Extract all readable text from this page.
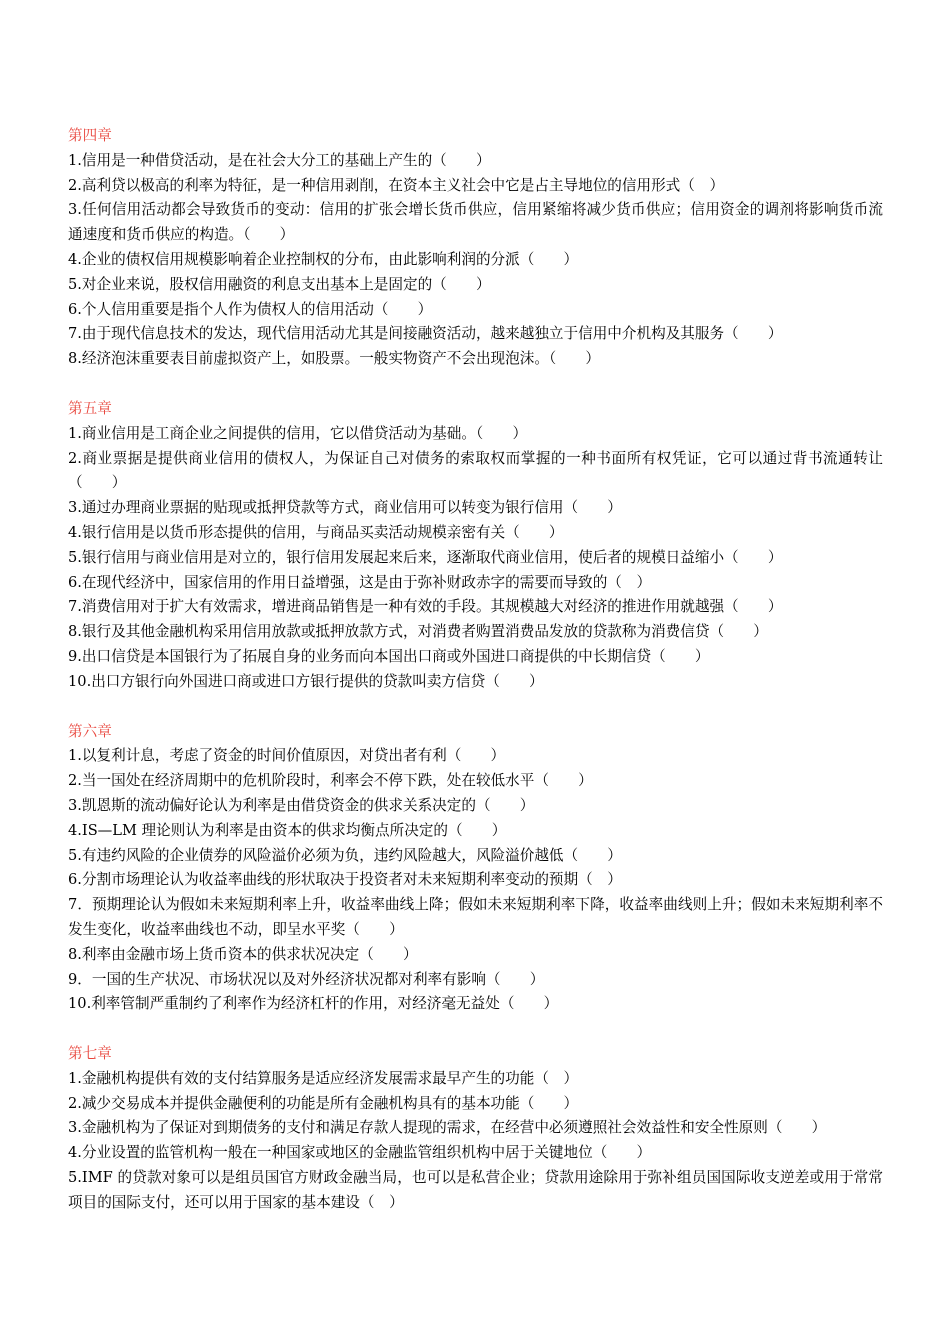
第四章

1.信用是一种借贷活动，是在社会大分工的基础上产生的（　　）

2.高利贷以极高的利率为特征，是一种信用剥削，在资本主义社会中它是占主导地位的信用形式（　）

3.任何信用活动都会导致货币的变动：信用的扩张会增长货币供应，信用紧缩将减少货币供应；信用资金的调剂将影响货币流通速度和货币供应的构造。（　　）

4.企业的债权信用规模影响着企业控制权的分布，由此影响利润的分派（　　）

5.对企业来说，股权信用融资的利息支出基本上是固定的（　　）

6.个人信用重要是指个人作为债权人的信用活动（　　）

7.由于现代信息技术的发达，现代信用活动尤其是间接融资活动，越来越独立于信用中介机构及其服务（　　）

8.经济泡沫重要表目前虚拟资产上，如股票。一般实物资产不会出现泡沫。（　　）

第五章

1.商业信用是工商企业之间提供的信用，它以借贷活动为基础。（　　）

2.商业票据是提供商业信用的债权人，为保证自己对债务的索取权而掌握的一种书面所有权凭证，它可以通过背书流通转让（　　）

3.通过办理商业票据的贴现或抵押贷款等方式，商业信用可以转变为银行信用（　　）

4.银行信用是以货币形态提供的信用，与商品买卖活动规模亲密有关（　　）

5.银行信用与商业信用是对立的，银行信用发展起来后来，逐渐取代商业信用，使后者的规模日益缩小（　　）

6.在现代经济中，国家信用的作用日益增强，这是由于弥补财政赤字的需要而导致的（　）

7.消费信用对于扩大有效需求，增进商品销售是一种有效的手段。其规模越大对经济的推进作用就越强（　　）

8.银行及其他金融机构采用信用放款或抵押放款方式，对消费者购置消费品发放的贷款称为消费信贷（　　）

9.出口信贷是本国银行为了拓展自身的业务而向本国出口商或外国进口商提供的中长期信贷（　　）

10.出口方银行向外国进口商或进口方银行提供的贷款叫卖方信贷（　　）

第六章

1.以复利计息，考虑了资金的时间价值原因，对贷出者有利（　　）

2.当一国处在经济周期中的危机阶段时，利率会不停下跌，处在较低水平（　　）

3.凯恩斯的流动偏好论认为利率是由借贷资金的供求关系决定的（　　）

4.IS—LM 理论则认为利率是由资本的供求均衡点所决定的（　　）

5.有违约风险的企业债券的风险溢价必须为负，违约风险越大，风险溢价越低（　　）

6.分割市场理论认为收益率曲线的形状取决于投资者对未来短期利率变动的预期（　）

7．预期理论认为假如未来短期利率上升，收益率曲线上降；假如未来短期利率下降，收益率曲线则上升；假如未来短期利率不发生变化，收益率曲线也不动，即呈水平奖（　　）

8.利率由金融市场上货币资本的供求状况决定（　　）

9．一国的生产状况、市场状况以及对外经济状况都对利率有影响（　　）

10.利率管制严重制约了利率作为经济杠杆的作用，对经济毫无益处（　　）

第七章

1.金融机构提供有效的支付结算服务是适应经济发展需求最早产生的功能（　）

2.减少交易成本并提供金融便利的功能是所有金融机构具有的基本功能（　　）

3.金融机构为了保证对到期债务的支付和满足存款人提现的需求，在经营中必须遵照社会效益性和安全性原则（　　）

4.分业设置的监管机构一般在一种国家或地区的金融监管组织机构中居于关键地位（　　）

5.IMF 的贷款对象可以是组员国官方财政金融当局，也可以是私营企业；贷款用途除用于弥补组员国国际收支逆差或用于常常项目的国际支付，还可以用于国家的基本建设（　）
